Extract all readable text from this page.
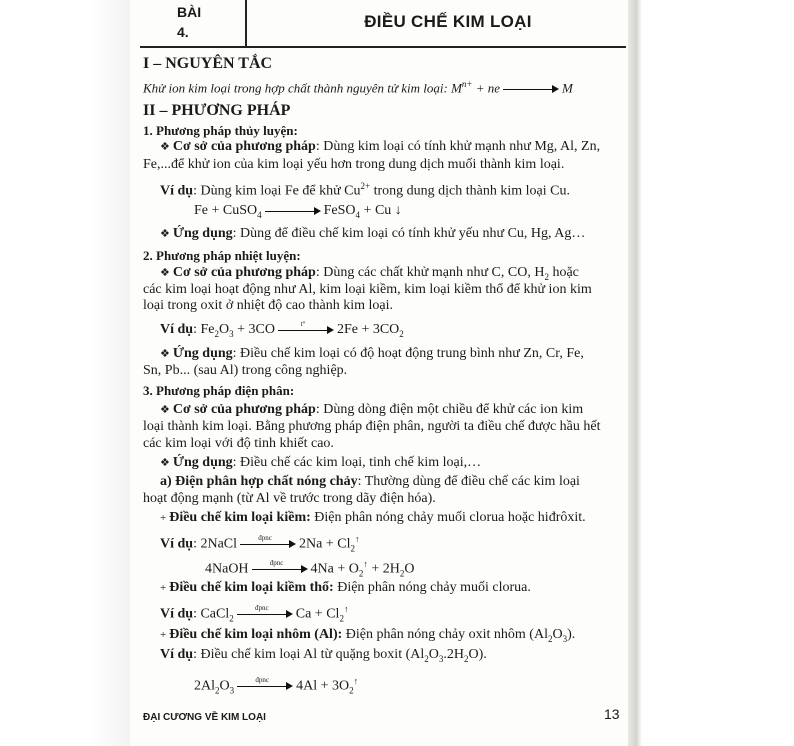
BÀI
4.
ĐIỀU CHẾ KIM LOẠI
I – NGUYÊN TẮC
Khử ion kim loại trong hợp chất thành nguyên tử kim loại: $M^{n+}$ + ne	M
II – PHƯƠNG PHÁP
1. Phương pháp thủy luyện:
❖ Cơ sở của phương pháp: Dùng kim loại có tính khử mạnh như Mg, Al, Zn,
Fe,...để khử ion của kim loại yếu hơn trong dung dịch muối thành kim loại.
Ví dụ: Dùng kim loại Fe để khử $Cu^{2+}$ trong dung dịch thành kim loại Cu.
Fe + CuSO$_4$	FeSO$_4$ + Cu ↓
❖ Ứng dụng: Dùng để điều chế kim loại có tính khử yếu như Cu, Hg, Ag…
2. Phương pháp nhiệt luyện:
❖ Cơ sở của phương pháp: Dùng các chất khử mạnh như C, CO, $H_2$ hoặc
các kim loại hoạt động như Al, kim loại kiềm, kim loại kiềm thổ để khử ion kim
loại trong oxit ở nhiệt độ cao thành kim loại.
Ví dụ: $Fe_2O_3 + 3CO$	t°	$2Fe + 3CO_2$
❖ Ứng dụng: Điều chế kim loại có độ hoạt động trung bình như Zn, Cr, Fe,
Sn, Pb... (sau Al) trong công nghiệp.
3. Phương pháp điện phân:
❖ Cơ sở của phương pháp: Dùng dòng điện một chiều để khử các ion kim
loại thành kim loại. Bằng phương pháp điện phân, người ta điều chế được hầu hết
các kim loại với độ tinh khiết cao.
❖ Ứng dụng: Điều chế các kim loại, tinh chế kim loại,…
a) Điện phân hợp chất nóng chảy: Thường dùng để điều chế các kim loại
hoạt động mạnh (từ Al về trước trong dãy điện hóa).
+ Điều chế kim loại kiềm: Điện phân nóng chảy muối clorua hoặc hiđrôxit.
Ví dụ: 2NaCl	đpnc	$2Na + Cl_2^↑$
4NaOH	đpnc	$4Na + O_2^↑ + 2H_2O$
+ Điều chế kim loại kiềm thổ: Điện phân nóng chảy muối clorua.
Ví dụ: CaCl$_2$
đpnc	$Ca + Cl_2^↑$
+ Điều chế kim loại nhôm (Al): Điện phân nóng chảy oxit nhôm $(Al_2O_3)$.
Ví dụ: Điều chế kim loại Al từ quặng boxit $(Al_2O_3.2H_2O)$.
$2Al_2O_3$
đpnc	$4Al + 3O_2^↑$
ĐẠI CƯƠNG VỀ KIM LOẠI	13
